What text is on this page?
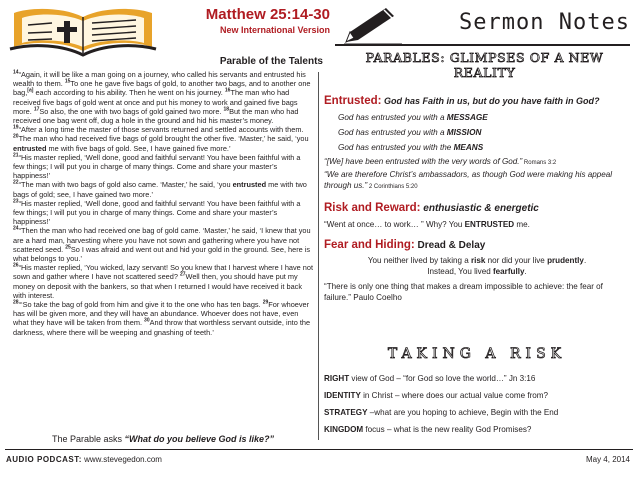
Matthew 25:14-30
New International Version
Parable of the Talents
Sermon Notes
PARABLES: GLIMPSES OF A NEW REALITY

$^{14}$“Again, it will be like a man going on a journey, who called his servants and entrusted his wealth to them. $^{15}$To one he gave five bags of gold, to another two bags, and to another one bag,[a] each according to his ability. Then he went on his journey. $^{16}$The man who had received five bags of gold went at once and put his money to work and gained five bags more. $^{17}$So also, the one with two bags of gold gained two more. $^{18}$But the man who had received one bag went off, dug a hole in the ground and hid his master’s money.

$^{19}$“After a long time the master of those servants returned and settled accounts with them. $^{20}$The man who had received five bags of gold brought the other five. ‘Master,’ he said, ‘you entrusted me with five bags of gold. See, I have gained five more.’

$^{21}$“His master replied, ‘Well done, good and faithful servant! You have been faithful with a few things; I will put you in charge of many things. Come and share your master’s happiness!’

$^{22}$“The man with two bags of gold also came. ‘Master,’ he said, ‘you entrusted me with two bags of gold; see, I have gained two more.’

$^{23}$“His master replied, ‘Well done, good and faithful servant! You have been faithful with a few things; I will put you in charge of many things. Come and share your master’s happiness!’

$^{24}$“Then the man who had received one bag of gold came. ‘Master,’ he said, ‘I knew that you are a hard man, harvesting where you have not sown and gathering where you have not scattered seed. $^{25}$So I was afraid and went out and hid your gold in the ground. See, here is what belongs to you.’

$^{26}$“His master replied, ‘You wicked, lazy servant! So you knew that I harvest where I have not sown and gather where I have not scattered seed? $^{27}$Well then, you should have put my money on deposit with the bankers, so that when I returned I would have received it back with interest.

$^{28}$“‘So take the bag of gold from him and give it to the one who has ten bags. $^{29}$For whoever has will be given more, and they will have an abundance. Whoever does not have, even what they have will be taken from them. $^{30}$And throw that worthless servant outside, into the darkness, where there will be weeping and gnashing of teeth.’

The Parable asks “What do you believe God is like?”
Entrusted: God has Faith in us, but do you have faith in God?
God has entrusted you with a MESSAGE
God has entrusted you with a MISSION
God has entrusted you with the MEANS
“[We] have been entrusted with the very words of God.” Romans 3:2
“We are therefore Christ’s ambassadors, as though God were making his appeal through us.” 2 Corinthians 5:20
Risk and Reward: enthusiastic & energetic
“Went at once… to work… ” Why? You ENTRUSTED me.
Fear and Hiding: Dread & Delay
You neither lived by taking a risk nor did your live prudently.
Instead, You lived fearfully.
“There is only one thing that makes a dream impossible to achieve: the fear of failure.” Paulo Coelho
TAKING A RISK
RIGHT view of God – “for God so love the world…” Jn 3:16
IDENTITY in Christ – where does our actual value come from?
STRATEGY –what are you hoping to achieve, Begin with the End
KINGDOM focus – what is the new reality God Promises?
AUDIO PODCAST: www.stevegedon.com	May 4, 2014
